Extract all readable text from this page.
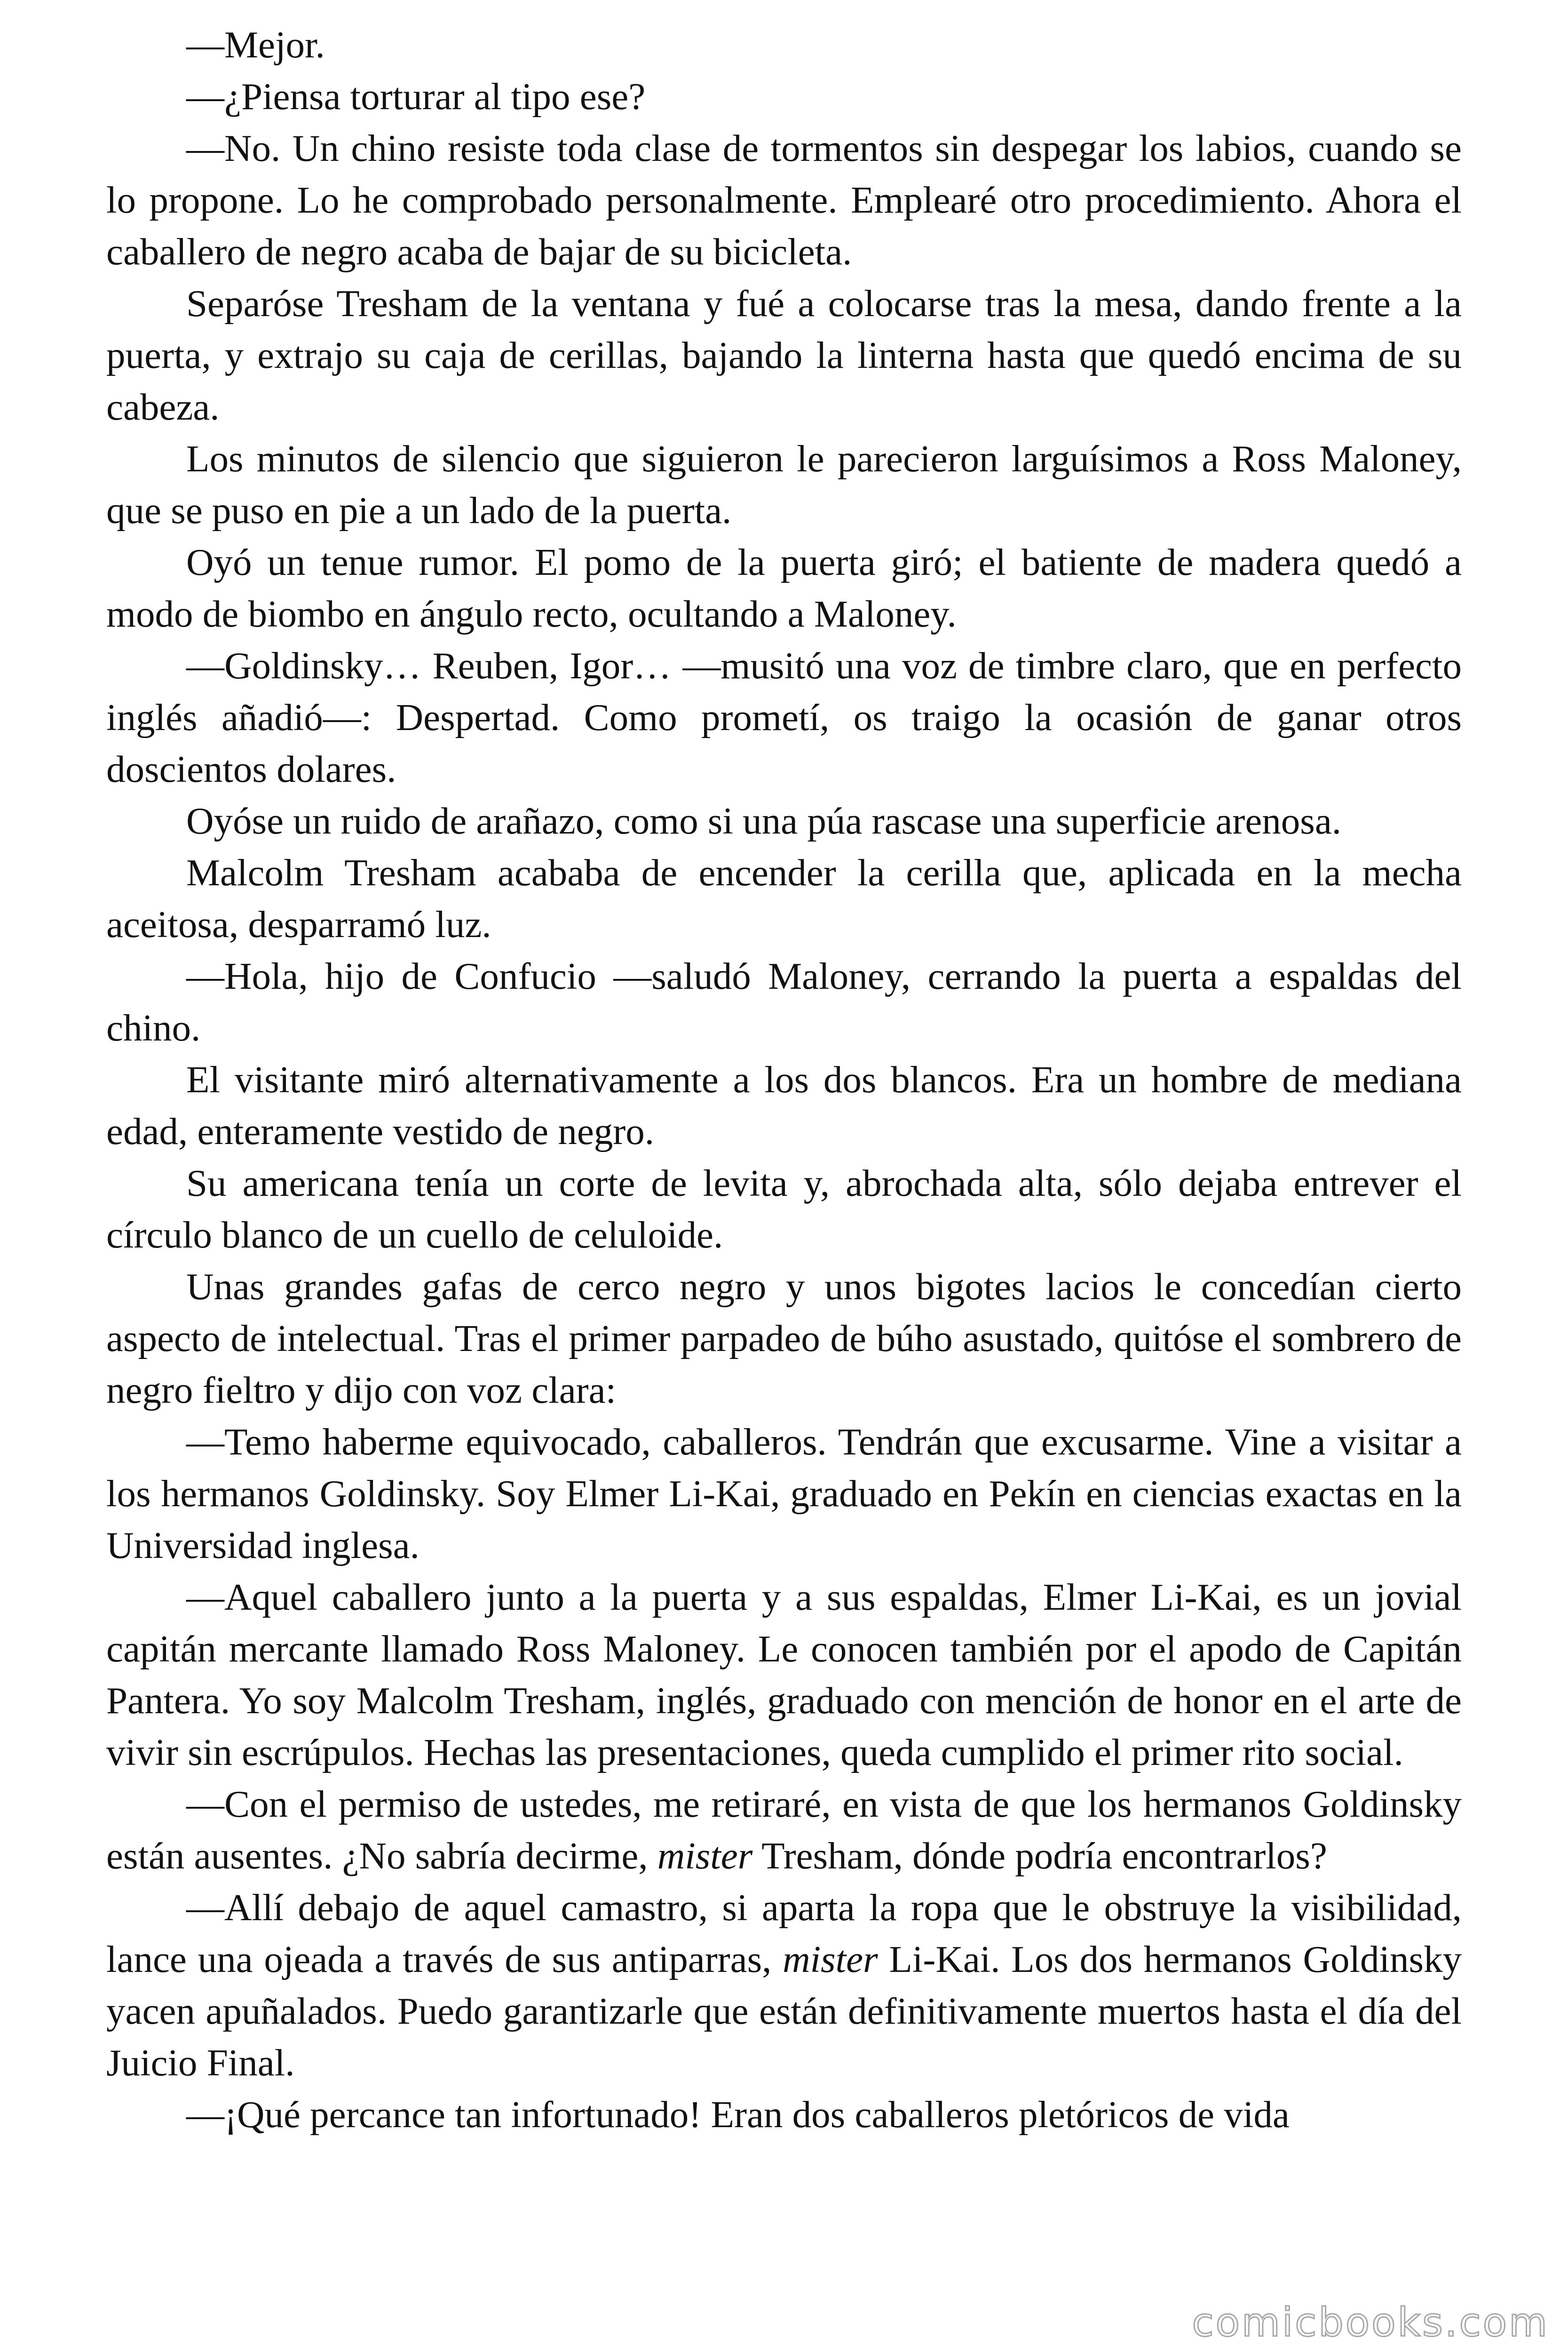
—Mejor.

—¿Piensa torturar al tipo ese?

—No. Un chino resiste toda clase de tormentos sin despegar los labios, cuando se lo propone. Lo he comprobado personalmente. Emplearé otro procedimiento. Ahora el caballero de negro acaba de bajar de su bicicleta.

Separóse Tresham de la ventana y fué a colocarse tras la mesa, dando frente a la puerta, y extrajo su caja de cerillas, bajando la linterna hasta que quedó encima de su cabeza.

Los minutos de silencio que siguieron le parecieron larguísimos a Ross Maloney, que se puso en pie a un lado de la puerta.

Oyó un tenue rumor. El pomo de la puerta giró; el batiente de madera quedó a modo de biombo en ángulo recto, ocultando a Maloney.

—Goldinsky… Reuben, Igor… —musitó una voz de timbre claro, que en perfecto inglés añadió—: Despertad. Como prometí, os traigo la ocasión de ganar otros doscientos dolares.

Oyóse un ruido de arañazo, como si una púa rascase una superficie arenosa.

Malcolm Tresham acababa de encender la cerilla que, aplicada en la mecha aceitosa, desparramó luz.

—Hola, hijo de Confucio —saludó Maloney, cerrando la puerta a espaldas del chino.

El visitante miró alternativamente a los dos blancos. Era un hombre de mediana edad, enteramente vestido de negro.

Su americana tenía un corte de levita y, abrochada alta, sólo dejaba entrever el círculo blanco de un cuello de celuloide.

Unas grandes gafas de cerco negro y unos bigotes lacios le concedían cierto aspecto de intelectual. Tras el primer parpadeo de búho asustado, quitóse el sombrero de negro fieltro y dijo con voz clara:

—Temo haberme equivocado, caballeros. Tendrán que excusarme. Vine a visitar a los hermanos Goldinsky. Soy Elmer Li-Kai, graduado en Pekín en ciencias exactas en la Universidad inglesa.

—Aquel caballero junto a la puerta y a sus espaldas, Elmer Li-Kai, es un jovial capitán mercante llamado Ross Maloney. Le conocen también por el apodo de Capitán Pantera. Yo soy Malcolm Tresham, inglés, graduado con mención de honor en el arte de vivir sin escrúpulos. Hechas las presentaciones, queda cumplido el primer rito social.

—Con el permiso de ustedes, me retiraré, en vista de que los hermanos Goldinsky están ausentes. ¿No sabría decirme, mister Tresham, dónde podría encontrarlos?

—Allí debajo de aquel camastro, si aparta la ropa que le obstruye la visibilidad, lance una ojeada a través de sus antiparras, mister Li-Kai. Los dos hermanos Goldinsky yacen apuñalados. Puedo garantizarle que están definitivamente muertos hasta el día del Juicio Final.

—¡Qué percance tan infortunado! Eran dos caballeros pletóricos de vida

comicbooks.com
